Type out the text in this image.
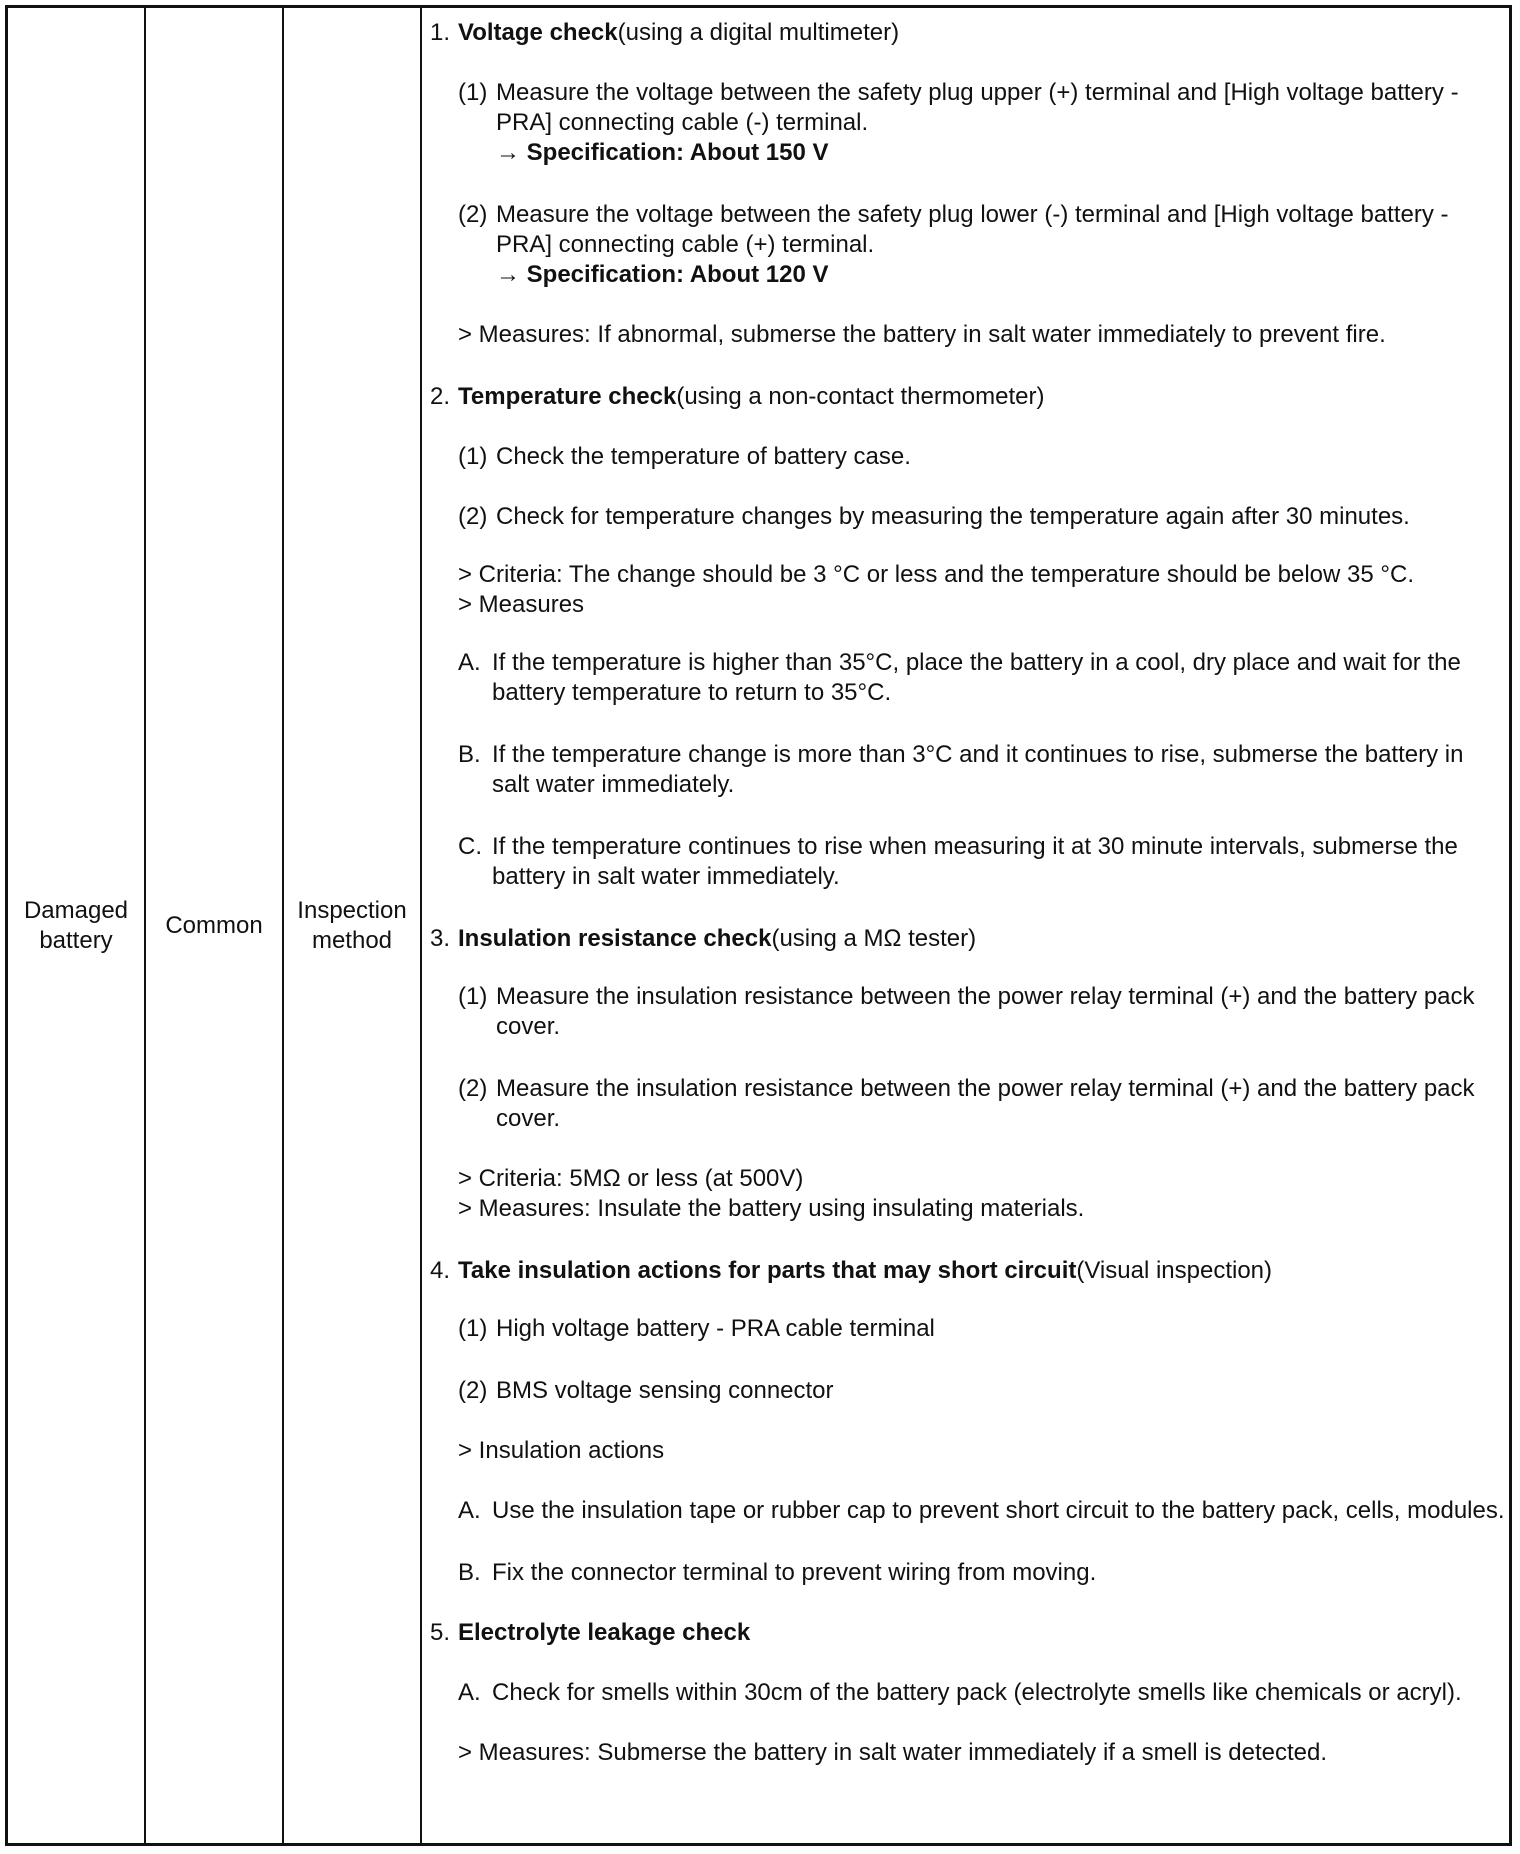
Damaged
battery
Common
Inspection
method
1. Voltage check(using a digital multimeter)
(1) Measure the voltage between the safety plug upper (+) terminal and [High voltage battery - PRA] connecting cable (-) terminal.
→ Specification: About 150 V
(2) Measure the voltage between the safety plug lower (-) terminal and [High voltage battery - PRA] connecting cable (+) terminal.
→ Specification: About 120 V
> Measures: If abnormal, submerse the battery in salt water immediately to prevent fire.
2. Temperature check(using a non-contact thermometer)
(1) Check the temperature of battery case.
(2) Check for temperature changes by measuring the temperature again after 30 minutes.
> Criteria: The change should be 3 °C or less and the temperature should be below 35 °C.
> Measures
A. If the temperature is higher than 35°C, place the battery in a cool, dry place and wait for the battery temperature to return to 35°C.
B. If the temperature change is more than 3°C and it continues to rise, submerse the battery in salt water immediately.
C. If the temperature continues to rise when measuring it at 30 minute intervals, submerse the battery in salt water immediately.
3. Insulation resistance check(using a MΩ tester)
(1) Measure the insulation resistance between the power relay terminal (+) and the battery pack cover.
(2) Measure the insulation resistance between the power relay terminal (+) and the battery pack cover.
> Criteria: 5MΩ or less (at 500V)
> Measures: Insulate the battery using insulating materials.
4. Take insulation actions for parts that may short circuit(Visual inspection)
(1) High voltage battery - PRA cable terminal
(2) BMS voltage sensing connector
> Insulation actions
A. Use the insulation tape or rubber cap to prevent short circuit to the battery pack, cells, modules.
B. Fix the connector terminal to prevent wiring from moving.
5. Electrolyte leakage check
A. Check for smells within 30cm of the battery pack (electrolyte smells like chemicals or acryl).
> Measures: Submerse the battery in salt water immediately if a smell is detected.
